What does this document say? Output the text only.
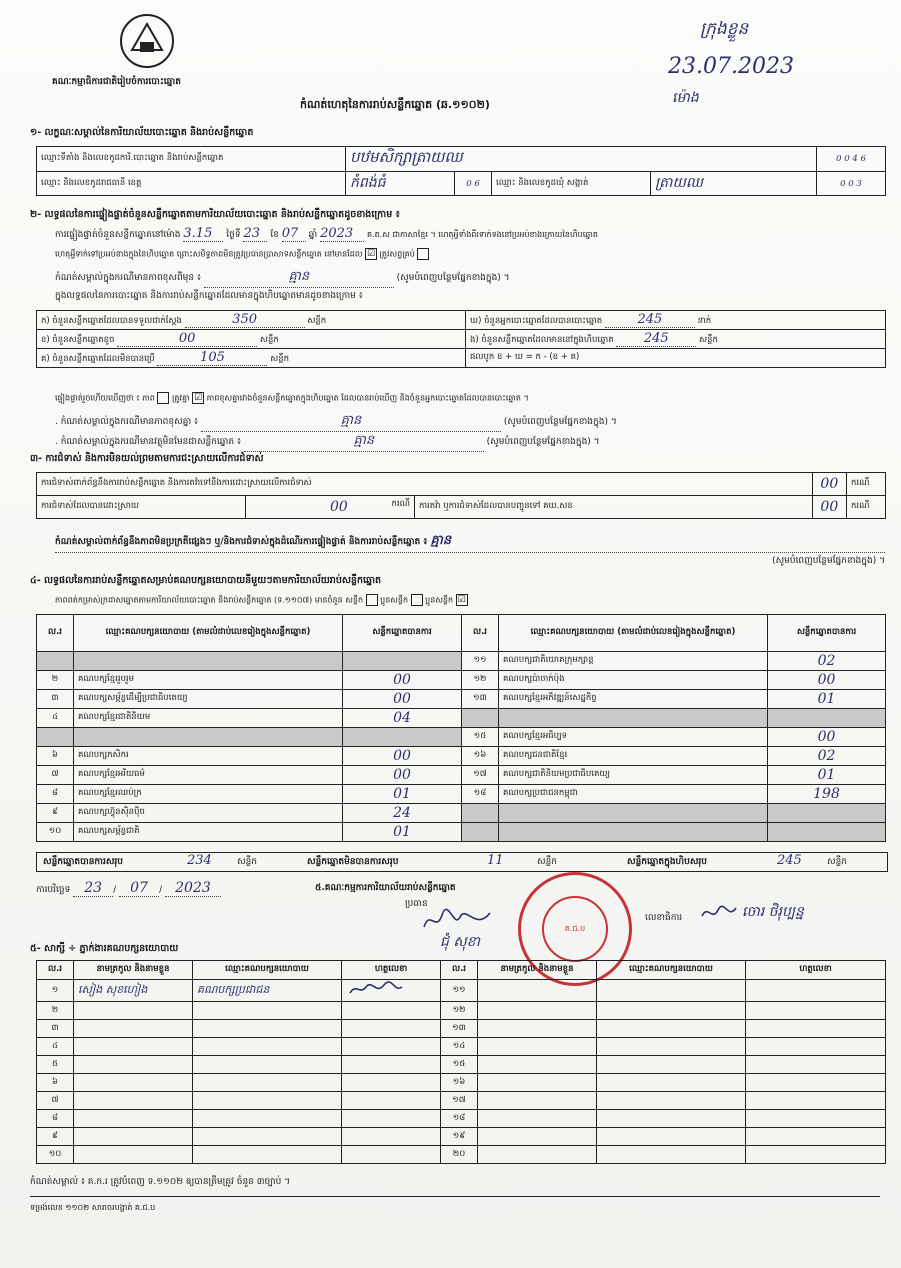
គណៈកម្មាធិការជាតិរៀបចំការបោះឆ្នោត
ក្រុងខ្លួន
23.07.2023
ម៉ោង
កំណត់ហេតុនៃការរាប់សន្លឹកឆ្នោត (ឆ.១១០២)
១- លក្ខណៈសម្គាល់នៃការិយាល័យបោះឆ្នោត និងរាប់សន្លឹកឆ្នោត
ឈ្មោះទីតាំង និងលេខកូដការិ.បោះឆ្នោត និងរាប់សន្លឹកឆ្នោត	បឋមសិក្សាត្រាយឈ				0 0 4 6
ឈ្មោះ និងលេខកូដរាជធានី ខេត្ត	កំពង់ធំ	0 6	ឈ្មោះ និងលេខកូដឃុំ សង្កាត់	ត្រាយឈ	0 0 3
២- លទ្ធផលនៃការផ្ទៀងផ្ទាត់ចំនួនសន្លឹកឆ្នោតតាមការិយាល័យបោះឆ្នោត និងរាប់សន្លឹកឆ្នោតដូចខាងក្រោម ៖
ការផ្ទៀងផ្ទាត់ចំនួនសន្លឹកឆ្នោតនៅម៉ោង 3.15 ថ្ងៃទី 23 ខែ 07 ឆ្នាំ 2023 គ.ត.ស ជាភាសាខ្មែរ ។ ហេតុអ្វីទាំងពីរទាក់ទងនៅប្រអប់ខាងក្រោយនៃហិបឆ្នោត
ហេតុអ្វីទាក់ទៅប្រអប់ខាងក្នុងនៃហិបឆ្នោត ព្រោះសមិទ្ធភាពមិនត្រូវប្រធានប្រាសាទសន្លឹកឆ្នោត នៅមានដែល ☑ ត្រូវសព្វគ្រប់
កំណត់សម្គាល់ក្នុងករណីមានភាពខុសពីមុន ៖	គ្មាន	(សូមបំពេញបន្ថែមផ្នែកខាងក្នុង) ។
ក្នុងលទ្ធផលនៃការបោះឆ្នោត និងការរាប់សន្លឹកឆ្នោតដែលមានក្នុងហិបឆ្នោតមានដូចខាងក្រោម ៖
ក) ចំនួនសន្លឹកឆ្នោតដែលបានទទួលជាក់ស្តែង 350 សន្លឹក	ឃ) ចំនួនអ្នកបោះឆ្នោតដែលបានបោះឆ្នោត 245 នាក់
ខ) ចំនួនសន្លឹកឆ្នោតខូច 00 សន្លឹក	ង) ចំនួនសន្លឹកឆ្នោតដែលមាននៅក្នុងហិបឆ្នោត 245 សន្លឹក
គ) ចំនួនសន្លឹកឆ្នោតដែលមិនបានប្រើ 105 សន្លឹក	ផលបូក ខ + ឃ = ក - (ខ + គ)
ផ្ទៀងផ្ទាត់រួចហើយឃើញថា ៖ ភាព ត្រូវគ្នា ☑ ភាពខុសគ្នារវាងចំនួនសន្លឹកឆ្នោតក្នុងហិបឆ្នោត ដែលបានរាប់ឃើញ និងចំនួនអ្នកបោះឆ្នោតដែលបានបោះឆ្នោត ។
. កំណត់សម្គាល់ក្នុងករណីមានភាពខុសគ្នា ៖	គ្មាន	(សូមបំពេញបន្ថែមផ្នែកខាងក្នុង) ។
. កំណត់សម្គាល់ក្នុងករណីមានវត្ថុមិនមែនជាសន្លឹកឆ្នោត ៖	គ្មាន	(សូមបំពេញបន្ថែមផ្នែកខាងក្នុង) ។
៣- ការជំទាស់ និងការមិនយល់ព្រមតាមការជះស្រាយលើការជំទាស់
ការជំទាស់ពាក់ព័ន្ធនឹងការរាប់សន្លឹកឆ្នោត និងការតវ៉ាទៅនឹងការដោះស្រាយលើការជំទាស់			00	ករណី
ការជំទាស់ដែលបានដោះស្រាយ	00 ករណី	ការតវ៉ា ឬការជំទាស់ដែលបានបញ្ជូនទៅ គឃ.សខ	00	ករណី
កំណត់សម្គាល់ពាក់ព័ន្ធនឹងភាពមិនប្រក្រតីផ្សេងៗ ឬ/និងការជំទាស់ក្នុងដំណើរការផ្ទៀងផ្ទាត់ និងការរាប់សន្លឹកឆ្នោត ៖ គ្មាន
(សូមបំពេញបន្ថែមផ្នែកខាងក្នុង) ។
៤- លទ្ធផលនៃការរាប់សន្លឹកឆ្នោតសម្រាប់គណបក្សនយោបាយនីមួយៗតាមការិយាល័យរាប់សន្លឹកឆ្នោត
ភាពពត់កម្រាស់ក្រដាសឆ្នោតតាមការិយាល័យបោះឆ្នោត និងរាប់សន្លឹកឆ្នោត (ទ.១១០៧) មានចំនួន សន្លឹក ប្អូនសន្លឹក ប្អូនសន្លឹក ☑
ល.រ	ឈ្មោះគណបក្សនយោបាយ (តាមលំដាប់លេខរៀងក្នុងសន្លឹកឆ្នោត)	សន្លឹកឆ្នោតបានការ	ល.រ	ឈ្មោះគណបក្សនយោបាយ (តាមលំដាប់លេខរៀងក្នុងសន្លឹកឆ្នោត)	សន្លឹកឆ្នោតបានការ
			១១	គណបក្សជាតិយោគក្រុមក្សាន្ត	02
២	គណបក្សខ្មែររួបរួម	00	១២	គណបក្សប៉ាចាក់ប៉ុង	00
៣	គណបក្សសម្ព័ន្ធដើម្បីប្រជាធិបតេយ្យ	00	១៣	គណបក្សខ្មែរអភិវឌ្ឍន៍សេដ្ឋកិច្ច	01
៤	គណបក្សខ្មែរជាតិនិយម	04			
			១៥	គណបក្សខ្មែរអធិប្បទ	00
៦	គណបក្សកសិករ	00	១៦	គណបក្សជនជាតិខ្មែរ	02
៧	គណបក្សខ្មែរអរិយធម៌	00	១៧	គណបក្សជាតិនិយមប្រជាធិបតេយ្យ	01
៨	គណបក្សខ្មែរឈប់ក្រ	01	១៨	គណបក្សប្រជាជនកម្ពុជា	198
៩	គណបក្សហ៊្វុនស៊ិនប៉ិច	24			
១០	គណបក្សសម្ព័ន្ធជាតិ	01			
សន្លឹកឆ្នោតបានការសរុប	234	សន្លឹក	សន្លឹកឆ្នោតមិនបានការសរុប	11	សន្លឹក	សន្លឹកឆ្នោតក្នុងហិបសរុប	245	សន្លឹក
ការបរិច្ឆេទ 23 / 07 / 2023	៥.គណៈកម្មការការិយាល័យរាប់សន្លឹកឆ្នោត
ប្រធាន
ជុំ សុខា
គ.ជ.ប
លេខាធិការ	ចោរ ថិរុប្បន្ន
៥- សាក្សី ÷ ភ្នាក់ងារគណបក្សនយោបាយ
ល.រ	នាមត្រកូល និងនាមខ្លួន	ឈ្មោះគណបក្សនយោបាយ	ហត្ថលេខា	ល.រ	នាមត្រកូល និងនាមខ្លួន	ឈ្មោះគណបក្សនយោបាយ	ហត្ថលេខា
១	សៀង សុខហៀង	គណបក្សប្រជាជន		១១			
២				១២			
៣				១៣			
៤				១៤			
៥				១៥			
៦				១៦			
៧				១៧			
៨				១៨			
៩				១៩			
១០				២០			
កំណត់សម្គាល់ ៖ គ.ក.រ ត្រូវបំពេញ ទ.១១០២ ឲ្យបានត្រឹមត្រូវ ចំនួន ៣ច្បាប់ ។
ទម្រង់លេខ ១១០២ សារាចរបង្គាត់ គ.ជ.ប
